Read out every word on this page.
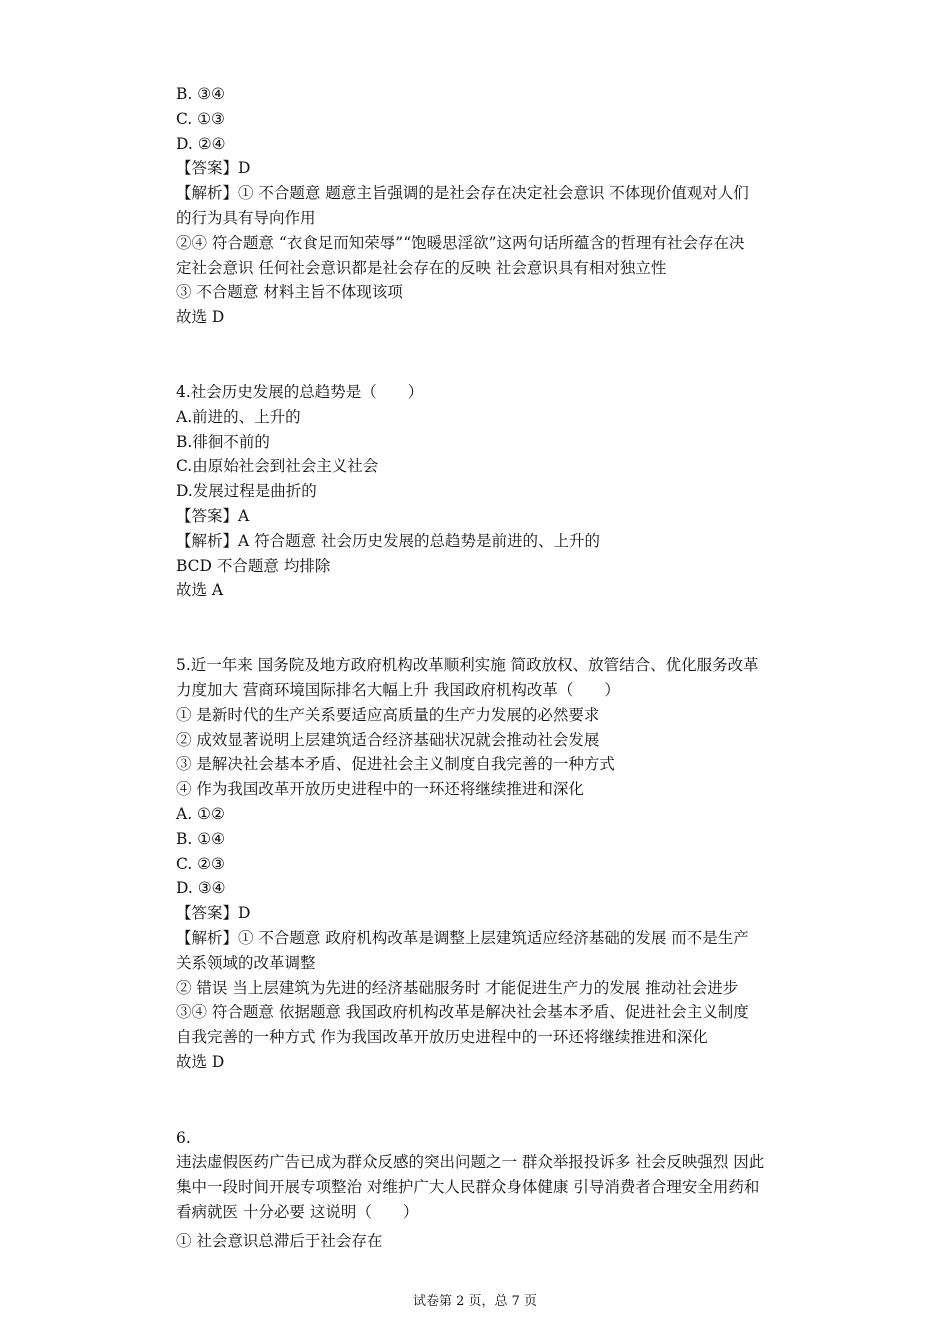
B. ③④
C. ①③
D. ②④
【答案】D
【解析】① 不合题意 题意主旨强调的是社会存在决定社会意识 不体现价值观对人们
的行为具有导向作用
②④ 符合题意 “衣食足而知荣辱”“饱暖思淫欲”这两句话所蕴含的哲理有社会存在决
定社会意识 任何社会意识都是社会存在的反映 社会意识具有相对独立性
③ 不合题意 材料主旨不体现该项
故选 D
4.社会历史发展的总趋势是（　　）
A.前进的、上升的
B.徘徊不前的
C.由原始社会到社会主义社会
D.发展过程是曲折的
【答案】A
【解析】A 符合题意 社会历史发展的总趋势是前进的、上升的
BCD 不合题意 均排除
故选 A
5.近一年来 国务院及地方政府机构改革顺利实施 简政放权、放管结合、优化服务改革
力度加大 营商环境国际排名大幅上升 我国政府机构改革（　　）
① 是新时代的生产关系要适应高质量的生产力发展的必然要求
② 成效显著说明上层建筑适合经济基础状况就会推动社会发展
③ 是解决社会基本矛盾、促进社会主义制度自我完善的一种方式
④ 作为我国改革开放历史进程中的一环还将继续推进和深化
A. ①②
B. ①④
C. ②③
D. ③④
【答案】D
【解析】① 不合题意 政府机构改革是调整上层建筑适应经济基础的发展 而不是生产
关系领域的改革调整
② 错误 当上层建筑为先进的经济基础服务时 才能促进生产力的发展 推动社会进步
③④ 符合题意 依据题意 我国政府机构改革是解决社会基本矛盾、促进社会主义制度
自我完善的一种方式 作为我国改革开放历史进程中的一环还将继续推进和深化
故选 D
6.
违法虚假医药广告已成为群众反感的突出问题之一 群众举报投诉多 社会反映强烈 因此
集中一段时间开展专项整治 对维护广大人民群众身体健康 引导消费者合理安全用药和
看病就医 十分必要 这说明（　　）
① 社会意识总滞后于社会存在
试卷第 2 页，总 7 页
